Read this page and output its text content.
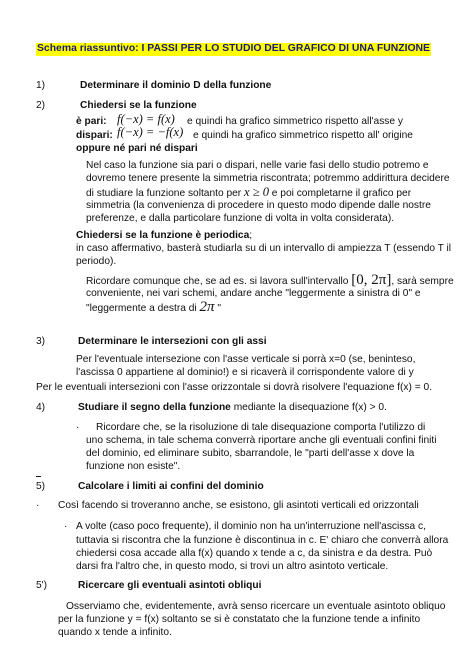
Schema riassuntivo: I PASSI PER LO STUDIO DEL GRAFICO DI UNA FUNZIONE
1)	Determinare il dominio D della funzione
2)	Chiedersi se la funzione
è pari: f(−x) = f(x) e quindi ha grafico simmetrico rispetto all'asse y
dispari: f(−x) = −f(x) e quindi ha grafico simmetrico rispetto all' origine
oppure né pari né dispari
Nel caso la funzione sia pari o dispari, nelle varie fasi dello studio potremo e
dovremo tenere presente la simmetria riscontrata; potremmo addirittura decidere
di studiare la funzione soltanto per x ≥ 0 e poi completarne il grafico per
simmetria (la convenienza di procedere in questo modo dipende dalle nostre
preferenze, e dalla particolare funzione di volta in volta considerata).
Chiedersi se la funzione è periodica;
in caso affermativo, basterà studiarla su di un intervallo di ampiezza T (essendo T il
periodo).
Ricordare comunque che, se ad es. si lavora sull'intervallo [0, 2π], sarà sempre
conveniente, nei vari schemi, andare anche "leggermente a sinistra di 0" e
"leggermente a destra di 2π "
3)	Determinare le intersezioni con gli assi
Per l'eventuale intersezione con l'asse verticale si porrà x=0 (se, beninteso,
l'ascissa 0 appartiene al dominio!) e si ricaverà il corrispondente valore di y
Per le eventuali intersezioni con l'asse orizzontale si dovrà risolvere l'equazione f(x) = 0.
4)	Studiare il segno della funzione mediante la disequazione f(x) > 0.
· Ricordare che, se la risoluzione di tale disequazione comporta l'utilizzo di
uno schema, in tale schema converrà riportare anche gli eventuali confini finiti
del dominio, ed eliminare subito, sbarrandole, le "parti dell'asse x dove la
funzione non esiste".
5)	Calcolare i limiti ai confini del dominio
· Così facendo si troveranno anche, se esistono, gli asintoti verticali ed orizzontali
· A volte (caso poco frequente), il dominio non ha un'interruzione nell'ascissa c,
tuttavia si riscontra che la funzione è discontinua in c. E' chiaro che converrà allora
chiedersi cosa accade alla f(x) quando x tende a c, da sinistra e da destra. Può
darsi fra l'altro che, in questo modo, si trovi un altro asintoto verticale.
5')	Ricercare gli eventuali asintoti obliqui
Osserviamo che, evidentemente, avrà senso ricercare un eventuale asintoto obliquo
per la funzione y = f(x) soltanto se si è constatato che la funzione tende a infinito
quando x tende a infinito.
